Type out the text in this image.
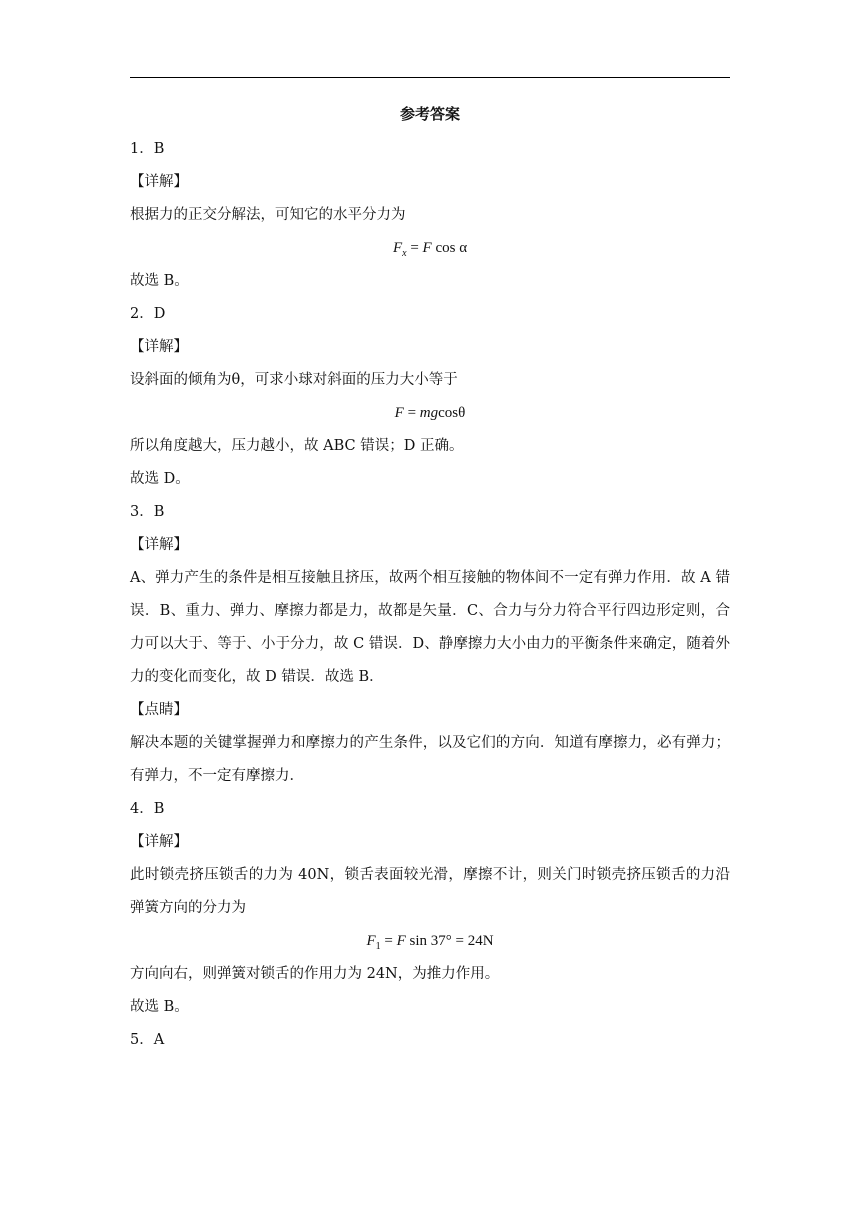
参考答案
1．B
【详解】
根据力的正交分解法，可知它的水平分力为
$F_x = F$ cos α
故选 B。
2．D
【详解】
设斜面的倾角为θ，可求小球对斜面的压力大小等于
F = mgcosθ
所以角度越大，压力越小，故 ABC 错误；D 正确。
故选 D。
3．B
【详解】
A、弹力产生的条件是相互接触且挤压，故两个相互接触的物体间不一定有弹力作用．故 A 错误．B、重力、弹力、摩擦力都是力，故都是矢量．C、合力与分力符合平行四边形定则，合力可以大于、等于、小于分力，故 C 错误．D、静摩擦力大小由力的平衡条件来确定，随着外力的变化而变化，故 D 错误．故选 B．
【点睛】
解决本题的关键掌握弹力和摩擦力的产生条件，以及它们的方向．知道有摩擦力，必有弹力；有弹力，不一定有摩擦力．
4．B
【详解】
此时锁壳挤压锁舌的力为 40N，锁舌表面较光滑，摩擦不计，则关门时锁壳挤压锁舌的力沿弹簧方向的分力为
$F_1 = F$ sin 37° = 24N
方向向右，则弹簧对锁舌的作用力为 24N，为推力作用。
故选 B。
5．A
